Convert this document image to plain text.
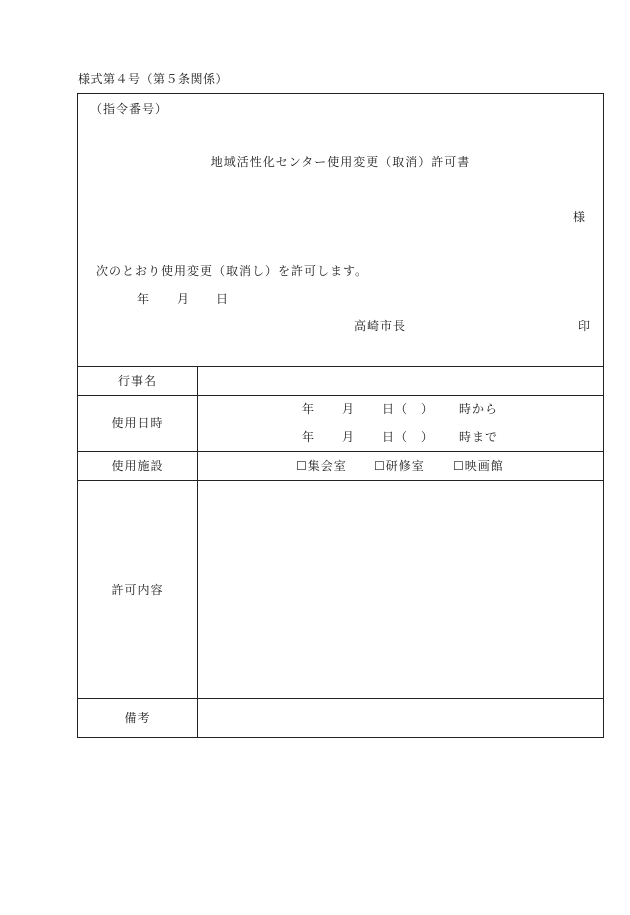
様式第４号（第５条関係）
（指令番号）
地域活性化センター使用変更（取消）許可書
様
次のとおり使用変更（取消し）を許可します。
年 月 日
高崎市長	印
行事名
使用日時
年 月 日（　） 時から
年 月 日（　） 時まで
使用施設	☐集会室 ☐研修室 ☐映画館
許可内容
備考
